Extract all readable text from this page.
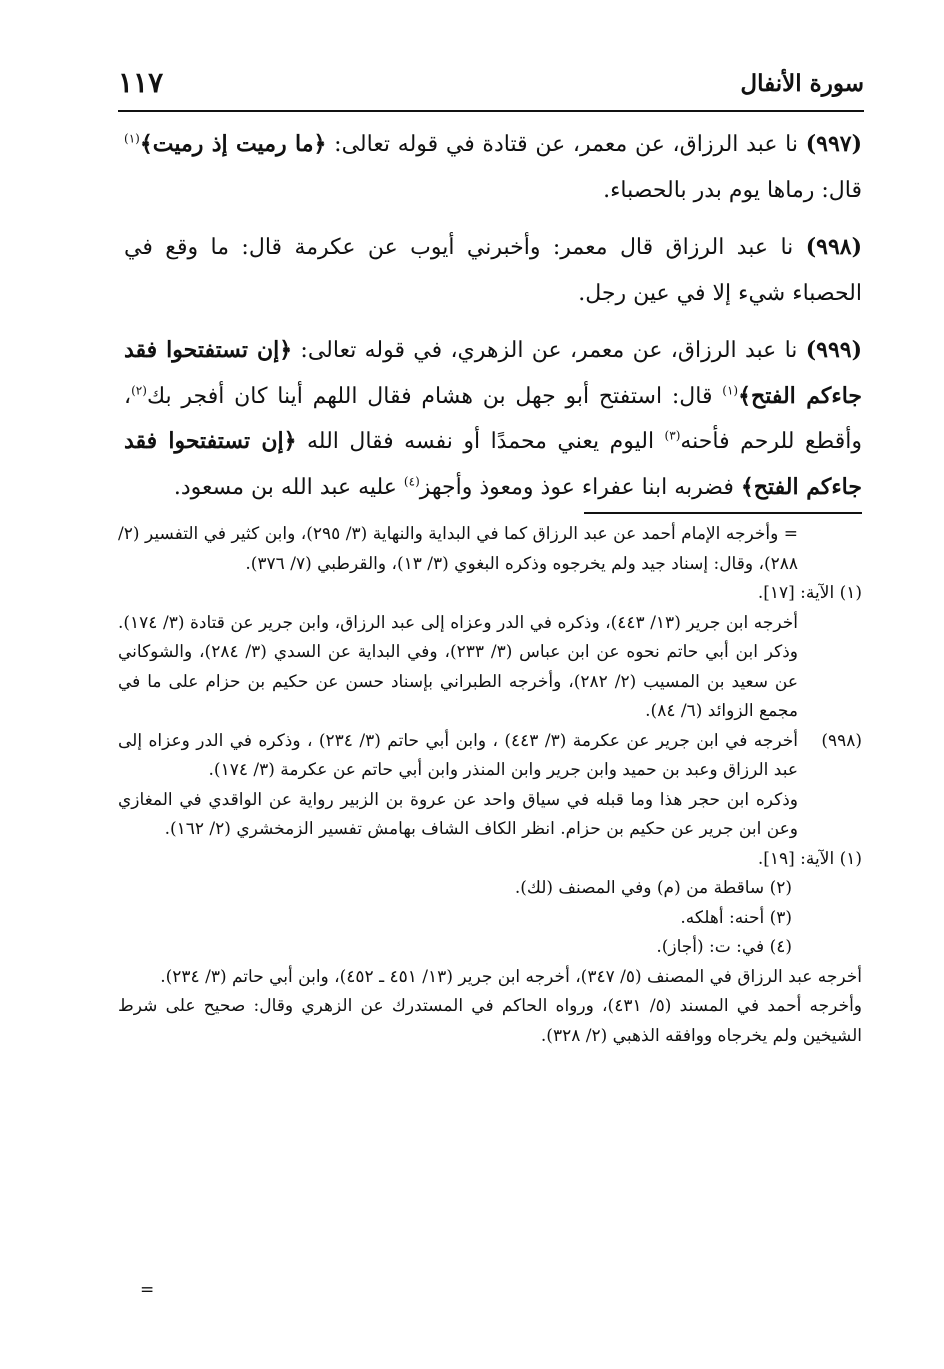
سورة الأنفال
١١٧

(٩٩٧) نا عبد الرزاق، عن معمر، عن قتادة في قوله تعالى: ﴿ما رميت إذ رميت﴾$^{(١)}$ قال: رماها يوم بدر بالحصباء.

(٩٩٨) نا عبد الرزاق قال معمر: وأخبرني أيوب عن عكرمة قال: ما وقع في الحصباء شيء إلا في عين رجل.

(٩٩٩) نا عبد الرزاق، عن معمر، عن الزهري، في قوله تعالى: ﴿إن تستفتحوا فقد جاءكم الفتح﴾$^{(١)}$ قال: استفتح أبو جهل بن هشام فقال اللهم أينا كان أفجر بك$^{(٢)}$، وأقطع للرحم فأحنه$^{(٣)}$ اليوم يعني محمدًا أو نفسه فقال الله ﴿إن تستفتحوا فقد جاءكم الفتح﴾ فضربه ابنا عفراء عوذ ومعوذ وأجهز$^{(٤)}$ عليه عبد الله بن مسعود.

= وأخرجه الإمام أحمد عن عبد الرزاق كما في البداية والنهاية (٣/ ٢٩٥)، وابن كثير في التفسير (٢/ ٢٨٨)، وقال: إسناد جيد ولم يخرجوه وذكره البغوي (٣/ ١٣)، والقرطبي (٧/ ٣٧٦).
(١) الآية: [١٧].
أخرجه ابن جرير (١٣/ ٤٤٣)، وذكره في الدر وعزاه إلى عبد الرزاق، وابن جرير عن قتادة (٣/ ١٧٤). وذكر ابن أبي حاتم نحوه عن ابن عباس (٣/ ٢٣٣)، وفي البداية عن السدي (٣/ ٢٨٤)، والشوكاني عن سعيد بن المسيب (٢/ ٢٨٢)، وأخرجه الطبراني بإسناد حسن عن حكيم بن حزام على ما في مجمع الزوائد (٦/ ٨٤).
(٩٩٨)
أخرجه في ابن جرير عن عكرمة (٣/ ٤٤٣) ، وابن أبي حاتم (٣/ ٢٣٤) ، وذكره في الدر وعزاه إلى عبد الرزاق وعبد بن حميد وابن جرير وابن المنذر وابن أبي حاتم عن عكرمة (٣/ ١٧٤).
وذكره ابن حجر هذا وما قبله في سياق واحد عن عروة بن الزبير رواية عن الواقدي في المغازي وعن ابن جرير عن حكيم بن حزام. انظر الكاف الشاف بهامش تفسير الزمخشري (٢/ ١٦٢).
(١) الآية: [١٩].
(٢) ساقطة من (م) وفي المصنف (لك).
(٣) أحنه: أهلكه.
(٤) في: ت: (أجاز).
أخرجه عبد الرزاق في المصنف (٥/ ٣٤٧)، أخرجه ابن جرير (١٣/ ٤٥١ ـ ٤٥٢)، وابن أبي حاتم (٣/ ٢٣٤).
وأخرجه أحمد في المسند (٥/ ٤٣١)، ورواه الحاكم في المستدرك عن الزهري وقال: صحيح على شرط الشيخين ولم يخرجاه ووافقه الذهبي (٢/ ٣٢٨).
=
